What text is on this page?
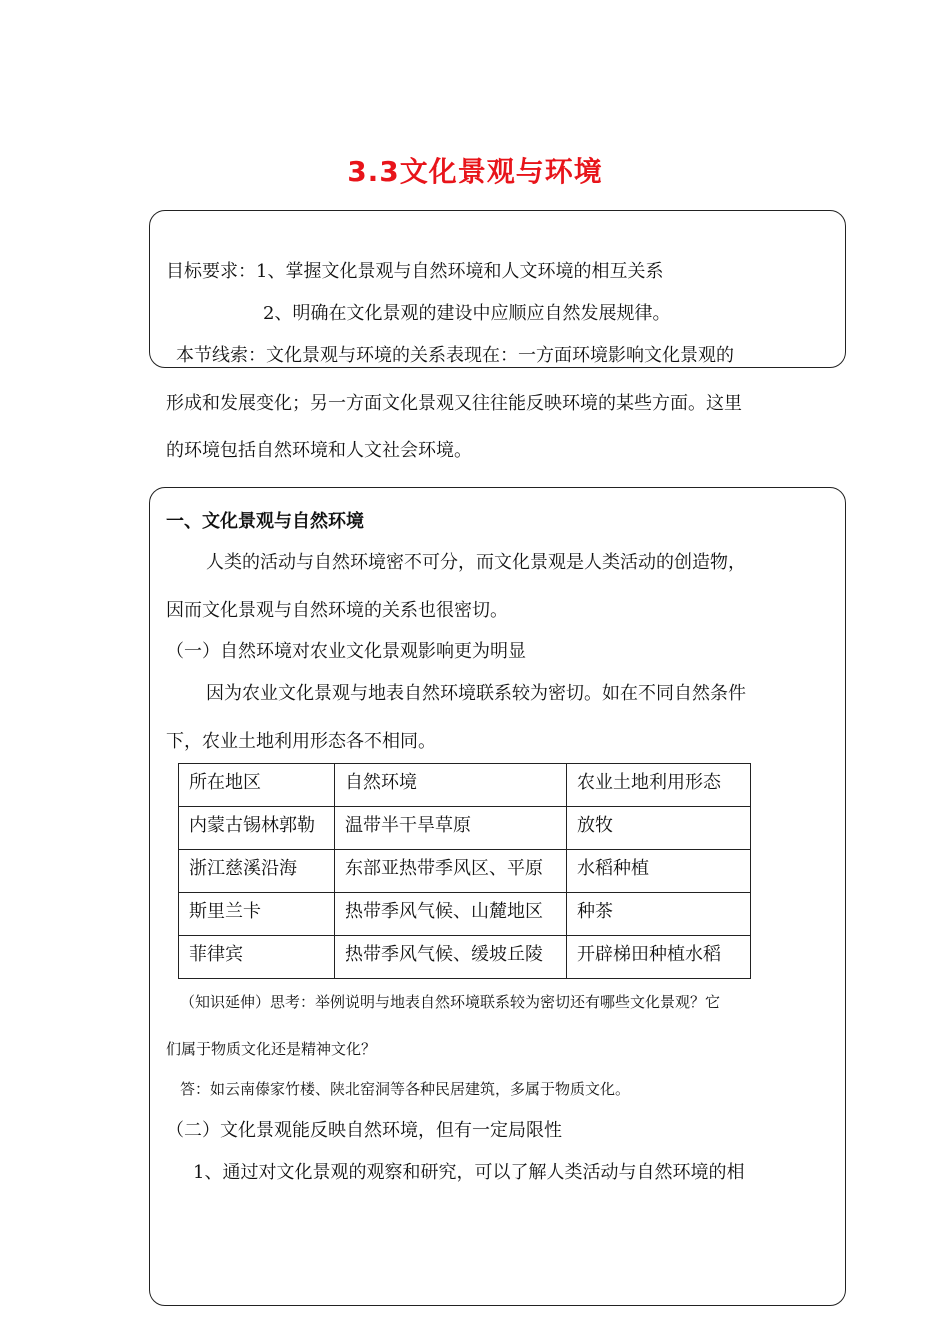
3.3文化景观与环境
目标要求：1、掌握文化景观与自然环境和人文环境的相互关系
2、明确在文化景观的建设中应顺应自然发展规律。
本节线索：文化景观与环境的关系表现在：一方面环境影响文化景观的
形成和发展变化；另一方面文化景观又往往能反映环境的某些方面。这里
的环境包括自然环境和人文社会环境。
一、文化景观与自然环境
人类的活动与自然环境密不可分，而文化景观是人类活动的创造物，
因而文化景观与自然环境的关系也很密切。
（一）自然环境对农业文化景观影响更为明显
因为农业文化景观与地表自然环境联系较为密切。如在不同自然条件
下，农业土地利用形态各不相同。
所在地区	自然环境	农业土地利用形态
内蒙古锡林郭勒	温带半干旱草原	放牧
浙江慈溪沿海	东部亚热带季风区、平原	水稻种植
斯里兰卡	热带季风气候、山麓地区	种茶
菲律宾	热带季风气候、缓坡丘陵	开辟梯田种植水稻
（知识延伸）思考：举例说明与地表自然环境联系较为密切还有哪些文化景观？它
们属于物质文化还是精神文化？
答：如云南傣家竹楼、陕北窑洞等各种民居建筑，多属于物质文化。
（二）文化景观能反映自然环境，但有一定局限性
1、通过对文化景观的观察和研究，可以了解人类活动与自然环境的相
